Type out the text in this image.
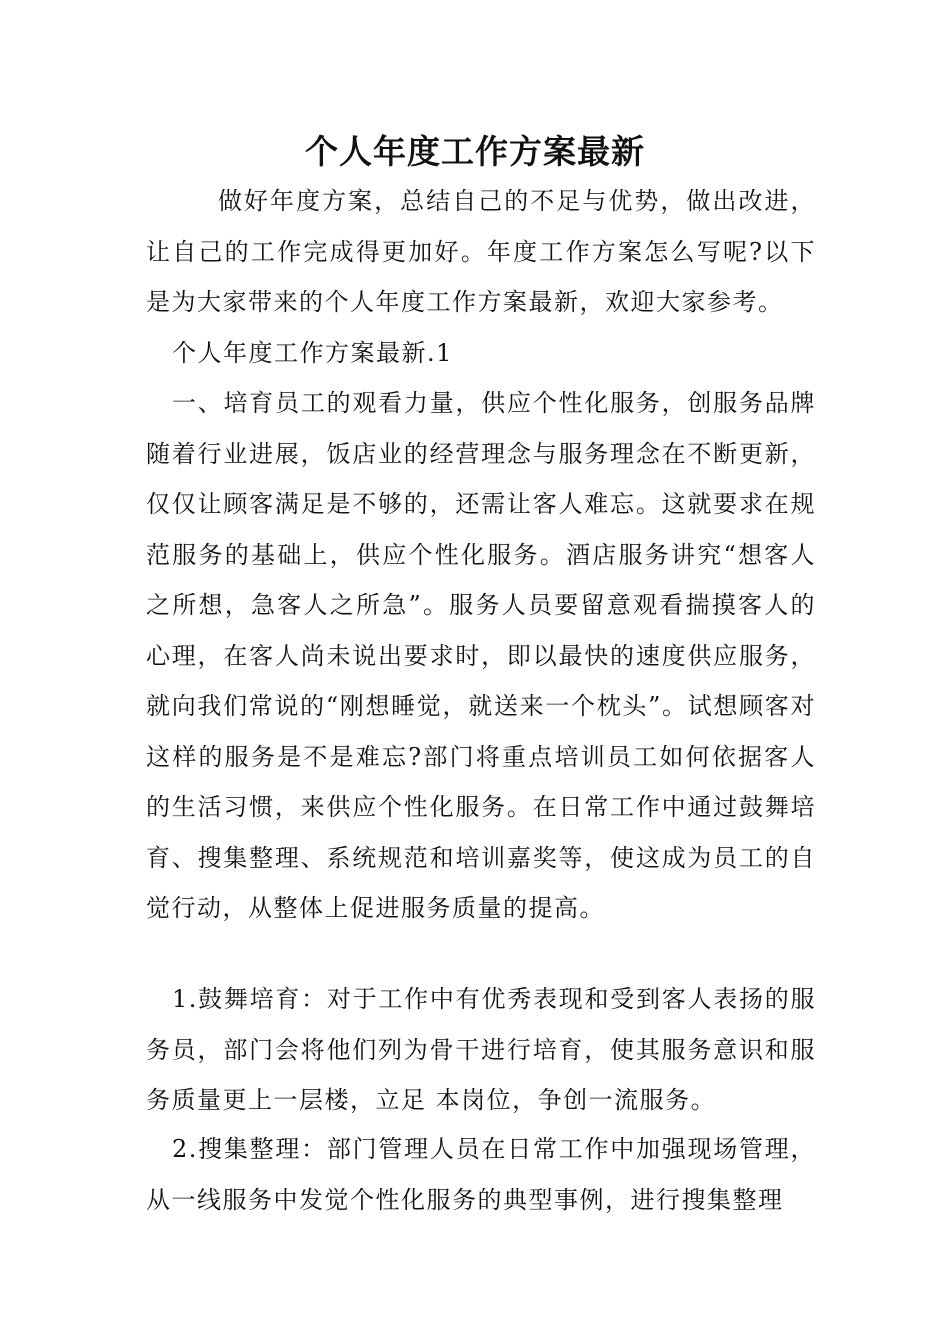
个人年度工作方案最新

做好年度方案，总结自己的不足与优势，做出改进，让自己的工作完成得更加好。年度工作方案怎么写呢?以下是为大家带来的个人年度工作方案最新，欢迎大家参考。

个人年度工作方案最新.1

一、培育员工的观看力量，供应个性化服务，创服务品牌随着行业进展，饭店业的经营理念与服务理念在不断更新，仅仅让顾客满足是不够的，还需让客人难忘。这就要求在规范服务的基础上，供应个性化服务。酒店服务讲究“想客人之所想，急客人之所急”。服务人员要留意观看揣摸客人的心理，在客人尚未说出要求时，即以最快的速度供应服务，就向我们常说的“刚想睡觉，就送来一个枕头”。试想顾客对这样的服务是不是难忘?部门将重点培训员工如何依据客人的生活习惯，来供应个性化服务。在日常工作中通过鼓舞培育、搜集整理、系统规范和培训嘉奖等，使这成为员工的自觉行动，从整体上促进服务质量的提高。

1.鼓舞培育：对于工作中有优秀表现和受到客人表扬的服务员，部门会将他们列为骨干进行培育，使其服务意识和服务质量更上一层楼，立足 本岗位，争创一流服务。

2.搜集整理：部门管理人员在日常工作中加强现场管理，从一线服务中发觉个性化服务的典型事例，进行搜集整理
